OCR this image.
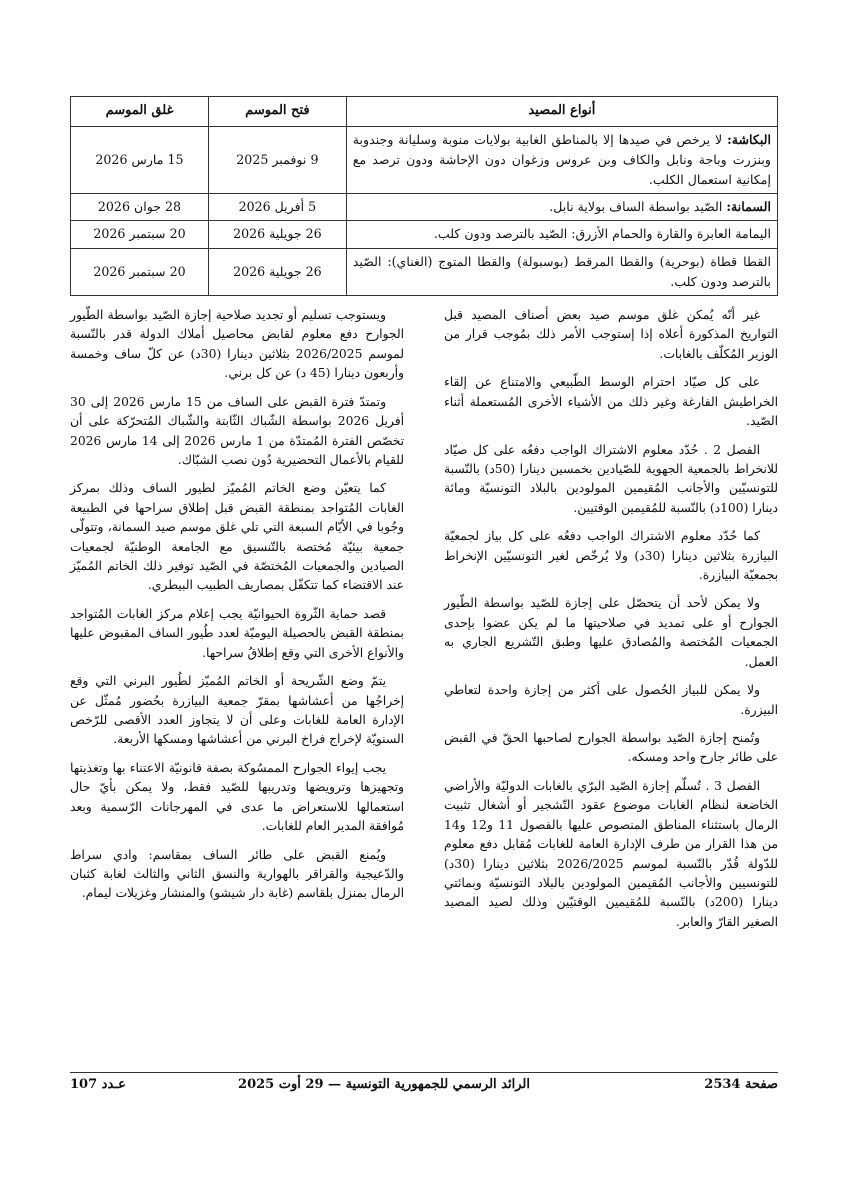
أنواع المصيد	فتح الموسم	غلق الموسم
البكاشة: لا يرخص في صيدها إلا بالمناطق الغابية بولايات منوبة وسليانة وجندوبة وبنزرت وباجة ونابل والكاف وبن عروس وزغوان دون الإحاشة ودون ترصد مع إمكانية استعمال الكلب.	9 نوفمبر 2025	15 مارس 2026
السمانة: الصّيد بواسطة الساف بولاية نابل.	5 أفريل 2026	28 جوان 2026
اليمامة العابرة والقارة والحمام الأزرق: الصّيد بالترصد ودون كلب.	26 جويلية 2026	20 سبتمبر 2026
القطا قطاة (بوحرية) والقطا المرقط (بوسبولة) والقطا المتوج (الغناي): الصّيد بالترصد ودون كلب.	26 جويلية 2026	20 سبتمبر 2026

غير أنّه يُمكن غلق موسم صيد بعض أصناف المصيد قبل التواريخ المذكورة أعلاه إذا إستوجب الأمر ذلك بمُوجب قرار من الوزير المُكلّف بالغابات.

على كل صيّاد احترام الوسط الطّبيعي والامتناع عن إلقاء الخراطيش الفارغة وغير ذلك من الأشياء الأخرى المُستعملة أثناء الصّيد.

الفصل 2 . حُدّد معلوم الاشتراك الواجب دفعُه على كل صيّاد للانخراط بالجمعية الجهوية للصّيادين بخمسين دينارا (50د) بالنّسبة للتونسيّين والأجانب المُقيمين المولودين بالبلاد التونسيّة ومائة دينارا (100د) بالنّسبة للمُقيمين الوقتيين.

كما حُدّد معلوم الاشتراك الواجب دفعُه على كل بياز لجمعيّة البيازرة بثلاثين دينارا (30د) ولا يُرخّص لغير التونسيّين الإنخراط بجمعيّة البيازرة.

ولا يمكن لأحد أن يتحصّل على إجازة للصّيد بواسطة الطّيور الجوارح أو على تمديد في صلاحيتها ما لم يكن عضوا بإحدى الجمعيات المُختصة والمُصادق عليها وطبق التّشريع الجاري به العمل.

ولا يمكن للبياز الحُصول على أكثر من إجازة واحدة لتعاطي البيزرة.

وتُمنح إجازة الصّيد بواسطة الجوارح لصاحبها الحقّ في القبض على طائر جارح واحد ومسكه.

الفصل 3 . تُسلّم إجازة الصّيد البرّي بالغابات الدوليّة والأراضي الخاضعة لنظام الغابات موضوع عقود التّشجير أو أشغال تثبيت الرمال باستثناء المناطق المنصوص عليها بالفصول 11 و12 و14 من هذا القرار من طرف الإدارة العامة للغابات مُقابل دفع معلوم للدّولة قُدّر بالنّسبة لموسم 2026/2025 بثلاثين دينارا (30د) للتونسيين والأجانب المُقيمين المولودين بالبلاد التونسيّة وبمائتي دينارا (200د) بالنّسبة للمُقيمين الوقتيّين وذلك لصيد المصيد الصغير القارّ والعابر.

ويستوجب تسليم أو تجديد صلاحية إجازة الصّيد بواسطة الطّيور الجوارح دفع معلوم لقابض محاصيل أملاك الدولة قدر بالنّسبة لموسم 2026/2025 بثلاثين دينارا (30د) عن كلّ ساف وخمسة وأربعون دينارا (45 د) عن كل برني.

وتمتدّ فترة القبض على الساف من 15 مارس 2026 إلى 30 أفريل 2026 بواسطة الشّباك الثّابتة والشّباك المُتحرّكة على أن تخصّص الفترة المُمتدّة من 1 مارس 2026 إلى 14 مارس 2026 للقيام بالأعمال التحضيرية دُون نصب الشبّاك.

كما يتعيّن وضع الخاتم المُميّز لطيور الساف وذلك بمركز الغابات المُتواجد بمنطقة القبض قبل إطلاق سراحها في الطبيعة وجُوبا في الأيّام السبعة التي تلي غلق موسم صيد السمانة، وتتولّى جمعية بيئيّة مُختصة بالتّنسيق مع الجامعة الوطنيّة لجمعيات الصيادين والجمعيات المُختصّة في الصّيد توفير ذلك الخاتم المُميّز عند الاقتضاء كما تتكفّل بمصاريف الطبيب البيطري.

قصد حماية الثّروة الحيوانيّة يجب إعلام مركز الغابات المُتواجد بمنطقة القبض بالحصيلة اليوميّة لعدد طُيور الساف المقبوض عليها والأنواع الأخرى التي وقع إطلاقُ سراحها.

يتمّ وضع الشّريحة أو الخاتم المُميّز لطُيور البرني التي وقع إخراجُها من أعشاشها بمقرّ جمعية البيازرة بحُضور مُمثّل عن الإدارة العامة للغابات وعلى أن لا يتجاوز العدد الأقصى للرّخص السنويّة لإخراج فراخ البرني من أعشاشها ومسكها الأربعة.

يجب إيواء الجوارح الممسُوكة بصفة قانونيّة الاعتناء بها وتغذيتها وتجهيزها وترويضها وتدريبها للصّيد فقط، ولا يمكن بأيّ حال استعمالها للاستعراض ما عدى في المهرجانات الرّسمية وبعد مُوافقة المدير العام للغابات.

ويُمنع القبض على طائر الساف بمقاسم: وادي سراط والدّعيجية والقراقر بالهوارية والنسق الثاني والثالث لغابة كثبان الرمال بمنزل بلقاسم (غابة دار شيشو) والمنشار وغزيلات ليمام.

صفحة 2534
الرائد الرسمي للجمهورية التونسية — 29 أوت 2025
عـدد 107
